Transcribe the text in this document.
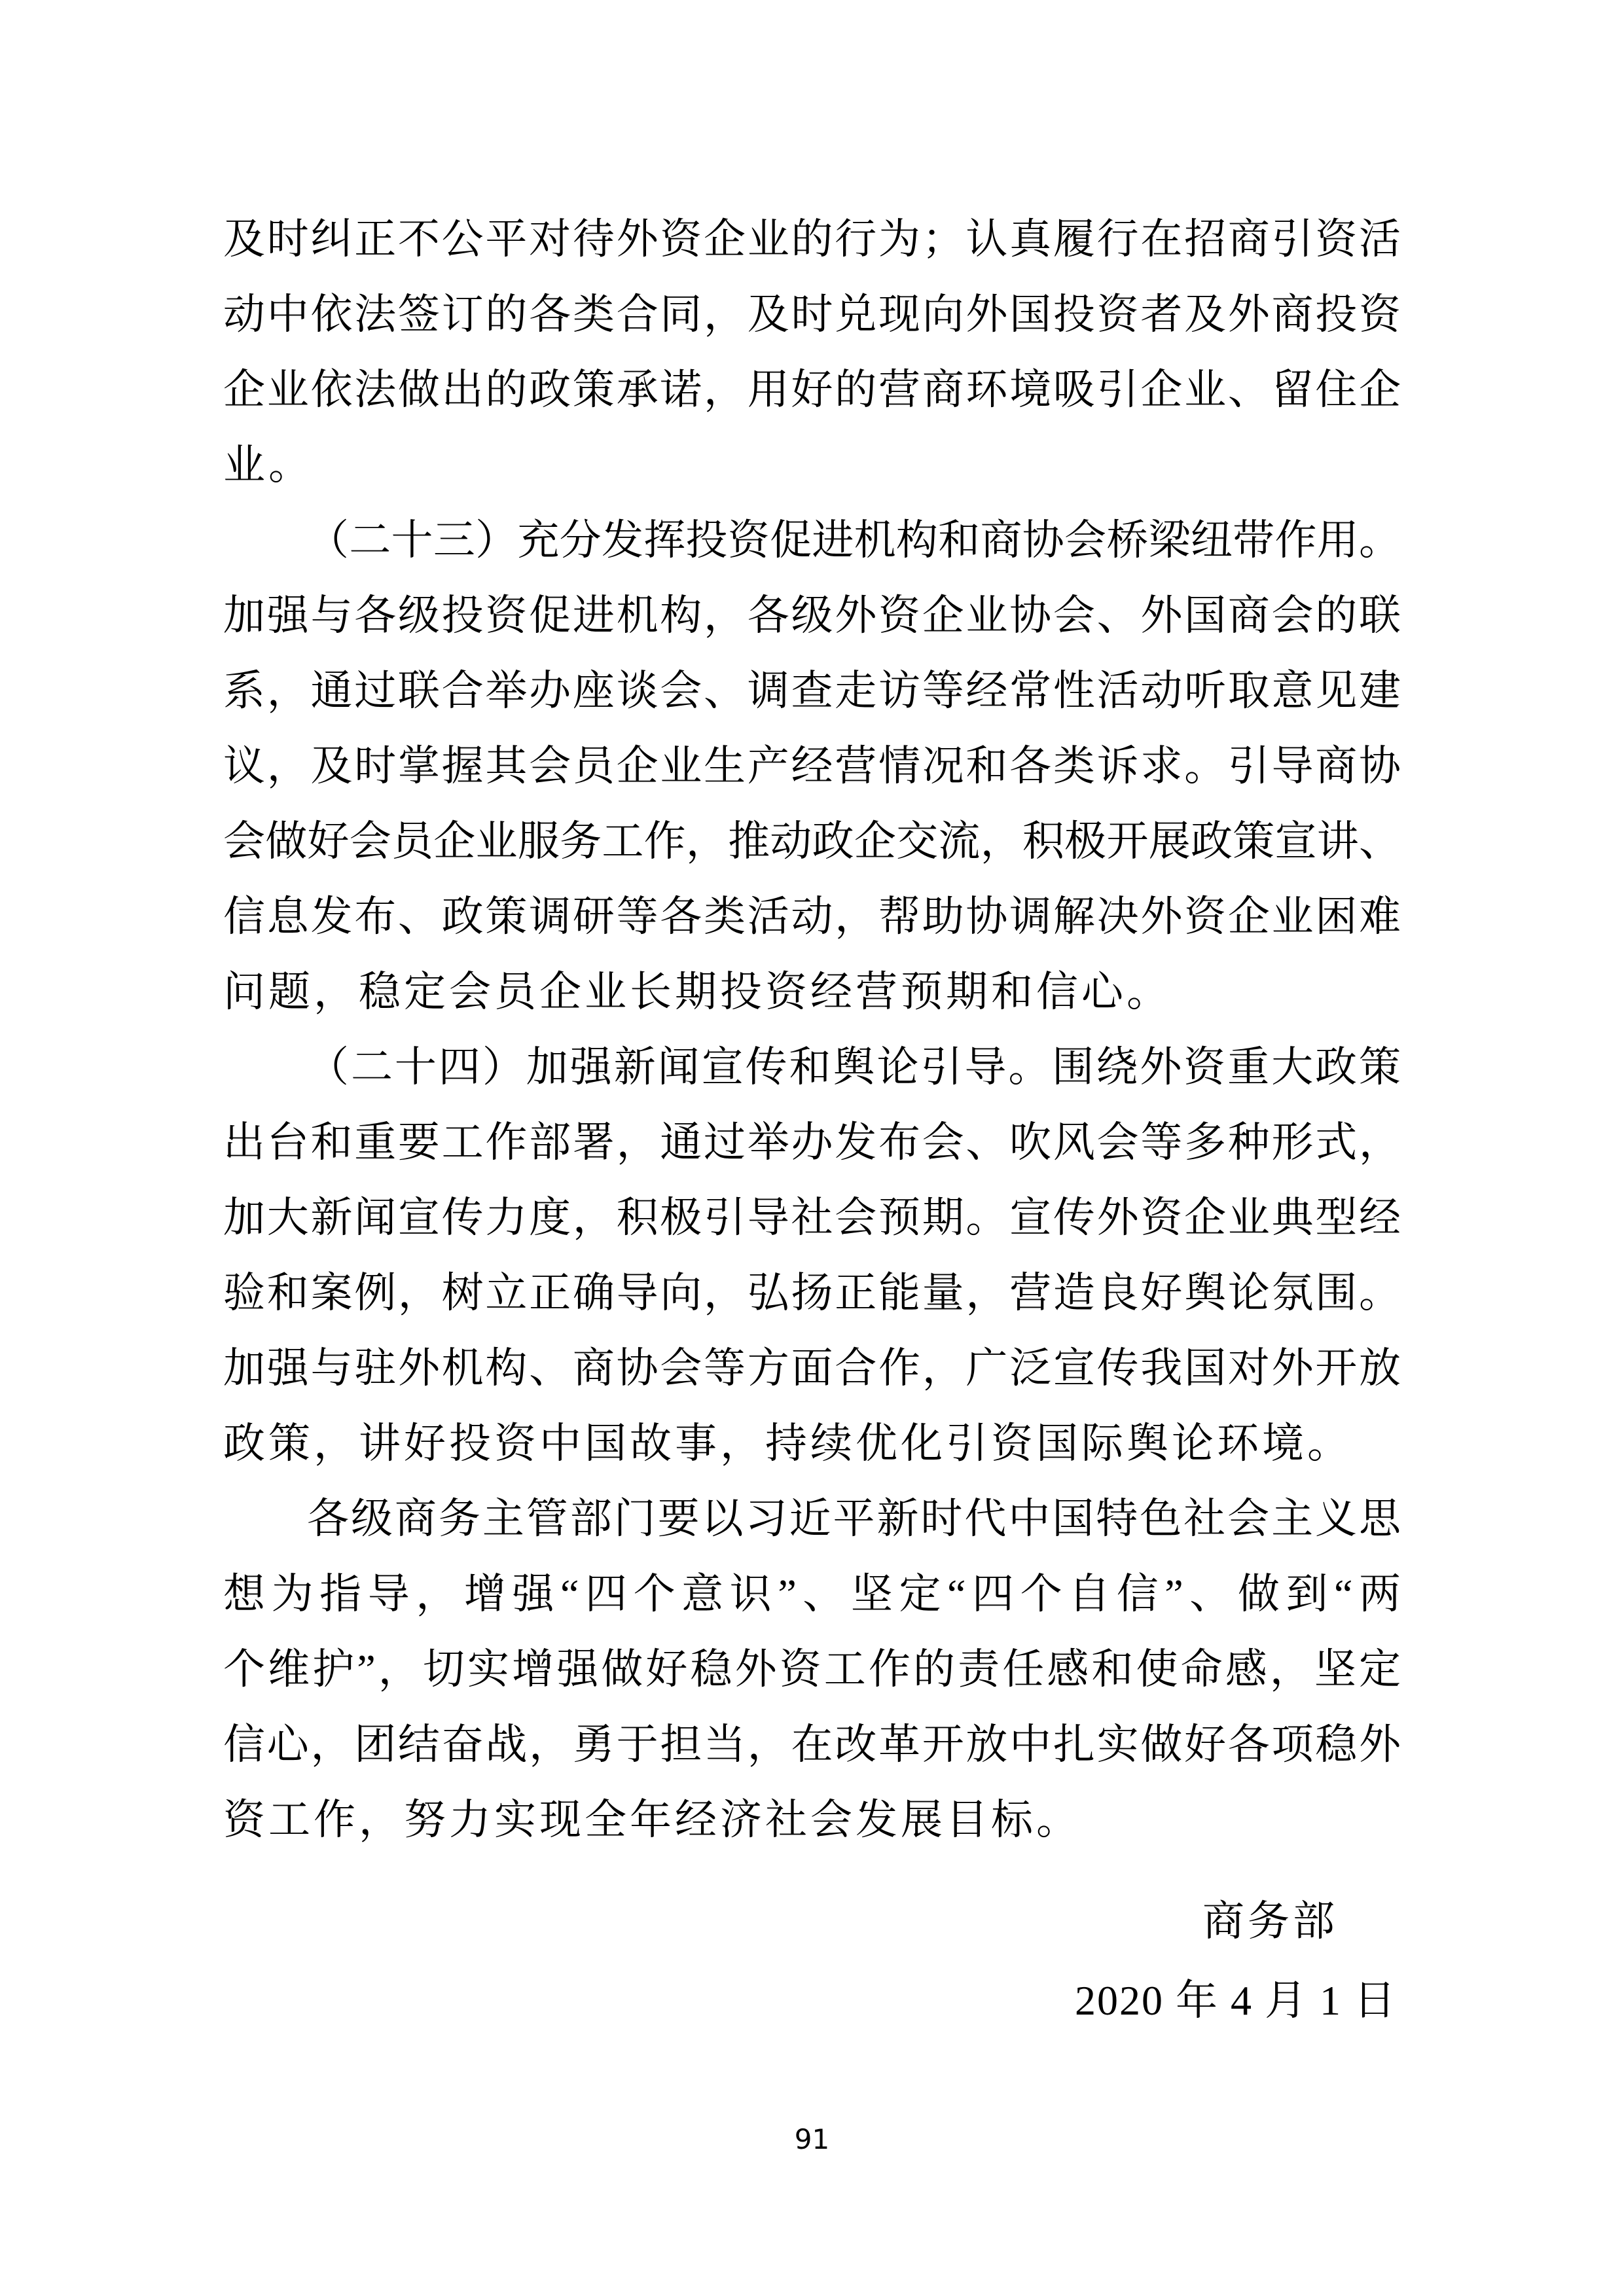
及时纠正不公平对待外资企业的行为；认真履行在招商引资活
动中依法签订的各类合同，及时兑现向外国投资者及外商投资
企业依法做出的政策承诺，用好的营商环境吸引企业、留住企
业。
（二十三）充分发挥投资促进机构和商协会桥梁纽带作用。
加强与各级投资促进机构，各级外资企业协会、外国商会的联
系，通过联合举办座谈会、调查走访等经常性活动听取意见建
议，及时掌握其会员企业生产经营情况和各类诉求。引导商协
会做好会员企业服务工作，推动政企交流，积极开展政策宣讲、
信息发布、政策调研等各类活动，帮助协调解决外资企业困难
问题，稳定会员企业长期投资经营预期和信心。
（二十四）加强新闻宣传和舆论引导。围绕外资重大政策
出台和重要工作部署，通过举办发布会、吹风会等多种形式，
加大新闻宣传力度，积极引导社会预期。宣传外资企业典型经
验和案例，树立正确导向，弘扬正能量，营造良好舆论氛围。
加强与驻外机构、商协会等方面合作，广泛宣传我国对外开放
政策，讲好投资中国故事，持续优化引资国际舆论环境。
各级商务主管部门要以习近平新时代中国特色社会主义思
想为指导，增强“四个意识”、坚定“四个自信”、做到“两
个维护”，切实增强做好稳外资工作的责任感和使命感，坚定
信心，团结奋战，勇于担当，在改革开放中扎实做好各项稳外
资工作，努力实现全年经济社会发展目标。
商务部
2020 年 4 月 1 日
91
